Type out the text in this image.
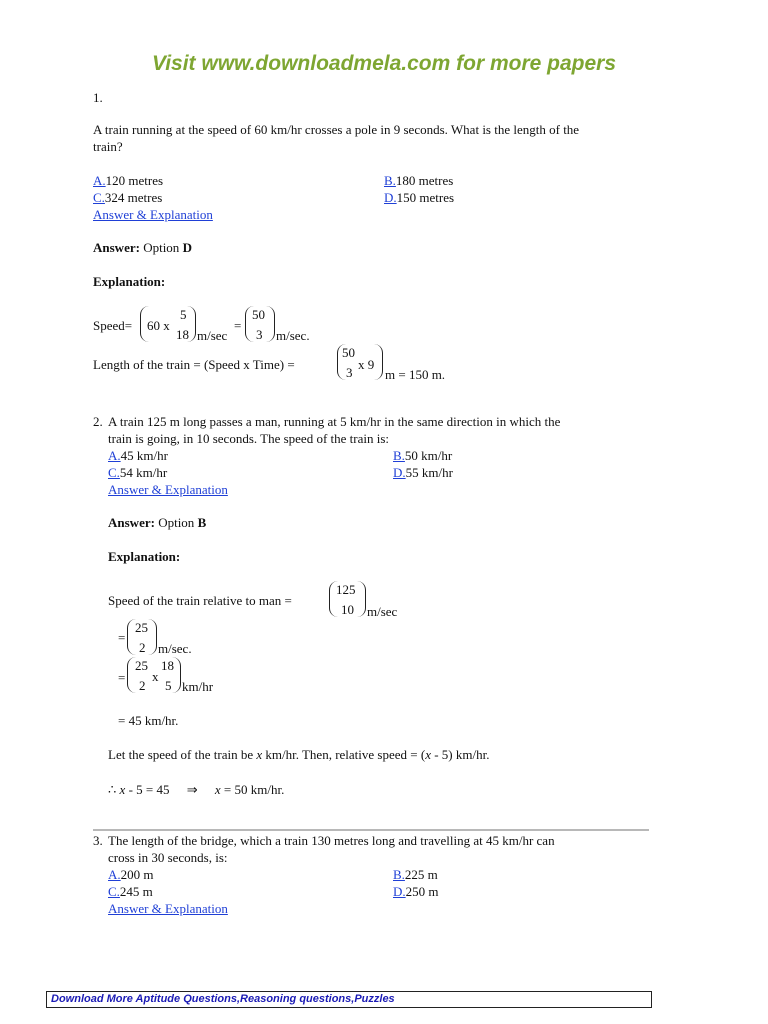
Visit www.downloadmela.com for more papers
1.
A train running at the speed of 60 km/hr crosses a pole in 9 seconds. What is the length of the
train?
A.120 metres	B.180 metres
C.324 metres	D.150 metres
Answer & Explanation
Answer: Option D
Explanation:
Speed= 60 x
5
18 m/sec
=
50
3 m/sec.
Length of the train = (Speed x Time) =
50
3
x 9
m = 150 m.
2. A train 125 m long passes a man, running at 5 km/hr in the same direction in which the
train is going, in 10 seconds. The speed of the train is:
A.45 km/hr	B.50 km/hr
C.54 km/hr	D.55 km/hr
Answer & Explanation
Answer: Option B
Explanation:
Speed of the train relative to man =
125
10 m/sec
=
25
2 m/sec.
=
25
2
x
18
5 km/hr
= 45 km/hr.
Let the speed of the train be x km/hr. Then, relative speed = (x - 5) km/hr.
∴ x - 5 = 45 ⇒ x = 50 km/hr.
3. The length of the bridge, which a train 130 metres long and travelling at 45 km/hr can
cross in 30 seconds, is:
A.200 m	B.225 m
C.245 m	D.250 m
Answer & Explanation
Download More Aptitude Questions,Reasoning questions,Puzzles
